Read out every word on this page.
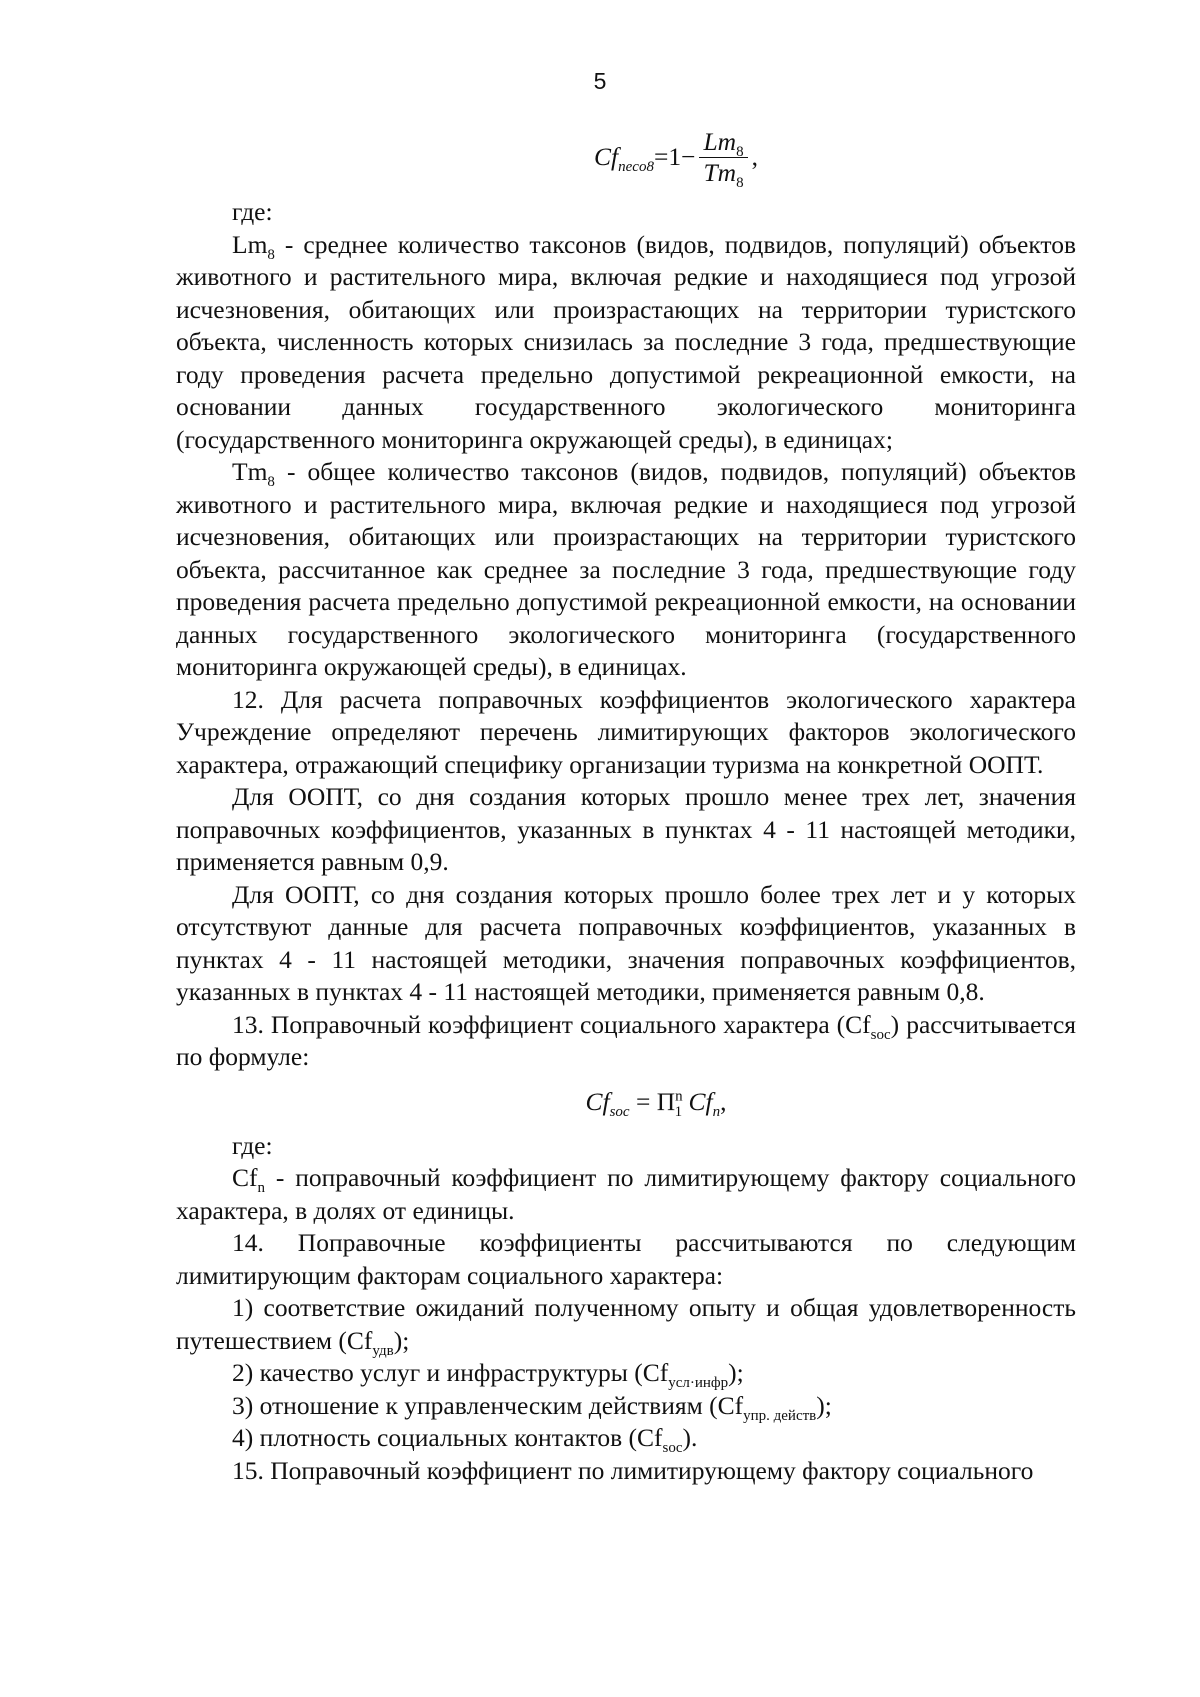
5
$Cf_{neco8} =1- \frac{Lm_8}{Tm_8}$ ,

где:

$Lm_8$ - среднее количество таксонов (видов, подвидов, популяций) объектов животного и растительного мира, включая редкие и находящиеся под угрозой исчезновения, обитающих или произрастающих на территории туристского объекта, численность которых снизилась за последние 3 года, предшествующие году проведения расчета предельно допустимой рекреационной емкости, на основании данных государственного экологического мониторинга (государственного мониторинга окружающей среды), в единицах;

$Tm_8$ - общее количество таксонов (видов, подвидов, популяций) объектов животного и растительного мира, включая редкие и находящиеся под угрозой исчезновения, обитающих или произрастающих на территории туристского объекта, рассчитанное как среднее за последние 3 года, предшествующие году проведения расчета предельно допустимой рекреационной емкости, на основании данных государственного экологического мониторинга (государственного мониторинга окружающей среды), в единицах.

12. Для расчета поправочных коэффициентов экологического характера Учреждение определяют перечень лимитирующих факторов экологического характера, отражающий специфику организации туризма на конкретной ООПТ.

Для ООПТ, со дня создания которых прошло менее трех лет, значения поправочных коэффициентов, указанных в пунктах 4 - 11 настоящей методики, применяется равным 0,9.

Для ООПТ, со дня создания которых прошло более трех лет и у которых отсутствуют данные для расчета поправочных коэффициентов, указанных в пунктах 4 - 11 настоящей методики, значения поправочных коэффициентов, указанных в пунктах 4 - 11 настоящей методики, применяется равным 0,8.

13. Поправочный коэффициент социального характера $(Cf_{soc})$ рассчитывается по формуле:

$Cf_{soc} = \Pi^n_1$ $Cf_n$,

где:

$Cf_n$ - поправочный коэффициент по лимитирующему фактору социального характера, в долях от единицы.

14. Поправочные коэффициенты рассчитываются по следующим лимитирующим факторам социального характера:

1) соответствие ожиданий полученному опыту и общая удовлетворенность путешествием $(Cf_{удв})$;

2) качество услуг и инфраструктуры $(Cf_{усл\cdot инфр})$;

3) отношение к управленческим действиям $(Cf_{упр. действ})$;

4) плотность социальных контактов $(Cf_{soc})$.

15. Поправочный коэффициент по лимитирующему фактору социального
